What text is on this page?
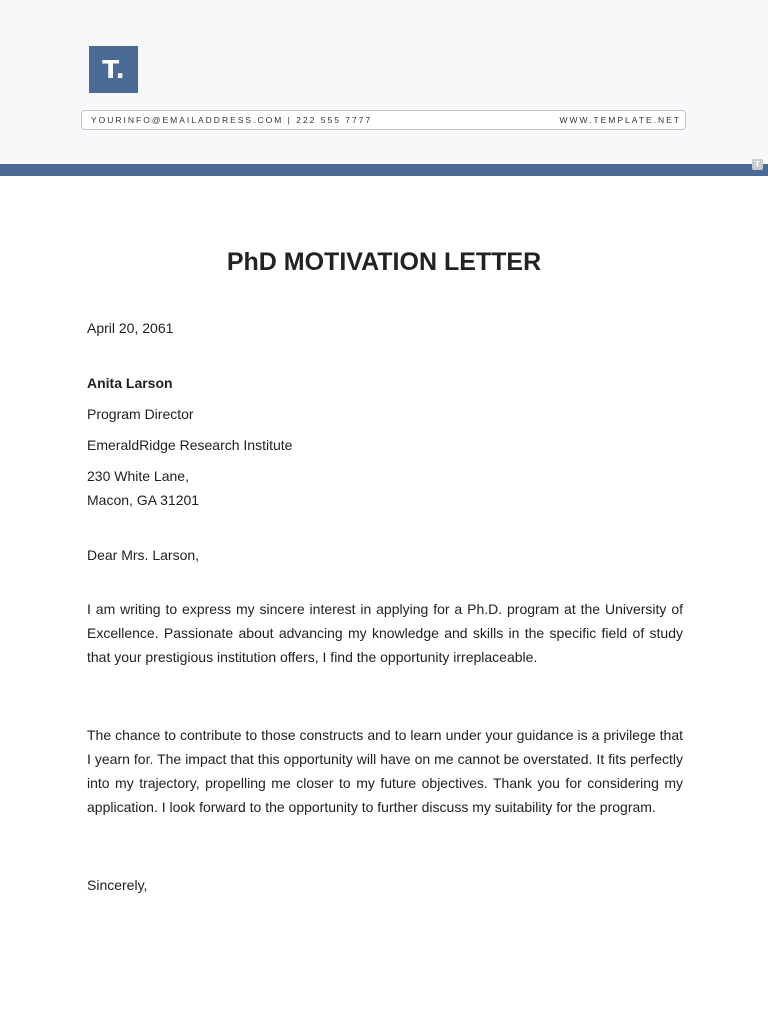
T.
YOURINFO@EMAILADDRESS.COM | 222 555 7777	WWW.TEMPLATE.NET
T
PhD MOTIVATION LETTER

April 20, 2061

Anita Larson

Program Director

EmeraldRidge Research Institute

230 White Lane,

Macon, GA 31201

Dear Mrs. Larson,

I am writing to express my sincere interest in applying for a Ph.D. program at the University of Excellence. Passionate about advancing my knowledge and skills in the specific field of study that your prestigious institution offers, I find the opportunity irreplaceable.

The chance to contribute to those constructs and to learn under your guidance is a privilege that I yearn for. The impact that this opportunity will have on me cannot be overstated. It fits perfectly into my trajectory, propelling me closer to my future objectives. Thank you for considering my application. I look forward to the opportunity to further discuss my suitability for the program.

Sincerely,
